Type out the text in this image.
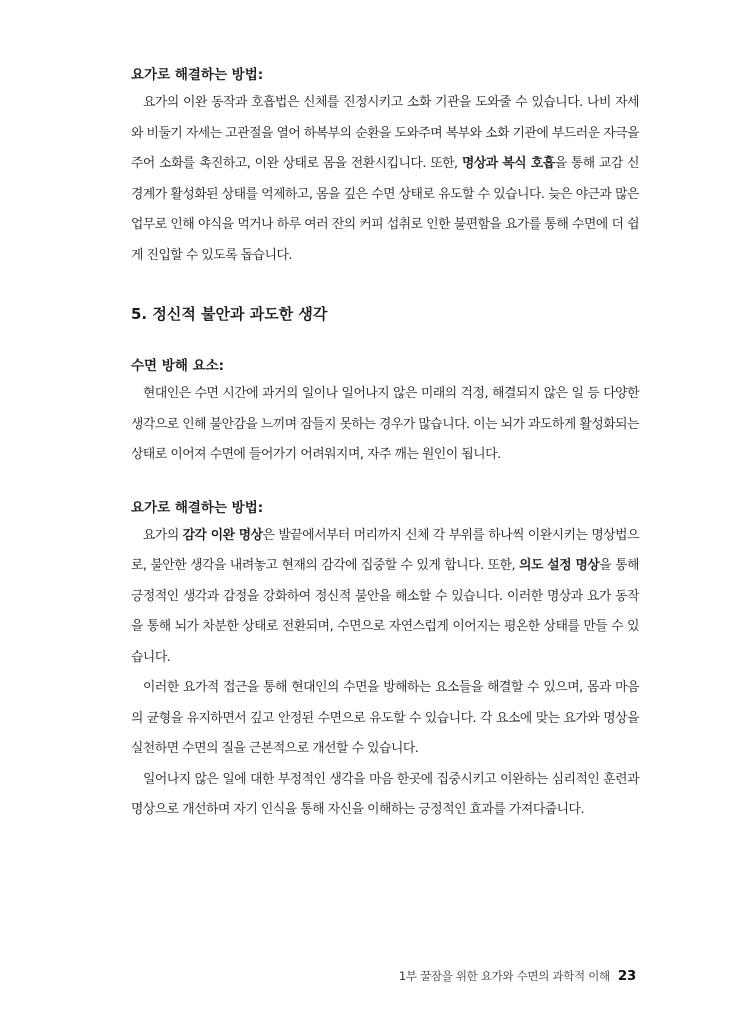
요가로 해결하는 방법:

요가의 이완 동작과 호흡법은 신체를 진정시키고 소화 기관을 도와줄 수 있습니다. 나비 자세와 비둘기 자세는 고관절을 열어 하복부의 순환을 도와주며 복부와 소화 기관에 부드러운 자극을 주어 소화를 촉진하고, 이완 상태로 몸을 전환시킵니다. 또한, 명상과 복식 호흡을 통해 교감 신경계가 활성화된 상태를 억제하고, 몸을 깊은 수면 상태로 유도할 수 있습니다. 늦은 야근과 많은 업무로 인해 야식을 먹거나 하루 여러 잔의 커피 섭취로 인한 불편함을 요가를 통해 수면에 더 쉽게 진입할 수 있도록 돕습니다.

5. 정신적 불안과 과도한 생각
수면 방해 요소:

현대인은 수면 시간에 과거의 일이나 일어나지 않은 미래의 걱정, 해결되지 않은 일 등 다양한 생각으로 인해 불안감을 느끼며 잠들지 못하는 경우가 많습니다. 이는 뇌가 과도하게 활성화되는 상태로 이어져 수면에 들어가기 어려워지며, 자주 깨는 원인이 됩니다.

요가로 해결하는 방법:

요가의 감각 이완 명상은 발끝에서부터 머리까지 신체 각 부위를 하나씩 이완시키는 명상법으로, 불안한 생각을 내려놓고 현재의 감각에 집중할 수 있게 합니다. 또한, 의도 설정 명상을 통해 긍정적인 생각과 감정을 강화하여 정신적 불안을 해소할 수 있습니다. 이러한 명상과 요가 동작을 통해 뇌가 차분한 상태로 전환되며, 수면으로 자연스럽게 이어지는 평온한 상태를 만들 수 있습니다.

이러한 요가적 접근을 통해 현대인의 수면을 방해하는 요소들을 해결할 수 있으며, 몸과 마음의 균형을 유지하면서 깊고 안정된 수면으로 유도할 수 있습니다. 각 요소에 맞는 요가와 명상을 실천하면 수면의 질을 근본적으로 개선할 수 있습니다.

일어나지 않은 일에 대한 부정적인 생각을 마음 한곳에 집중시키고 이완하는 심리적인 훈련과 명상으로 개선하며 자기 인식을 통해 자신을 이해하는 긍정적인 효과를 가져다줍니다.

1부 꿀잠을 위한 요가와 수면의 과학적 이해 23
